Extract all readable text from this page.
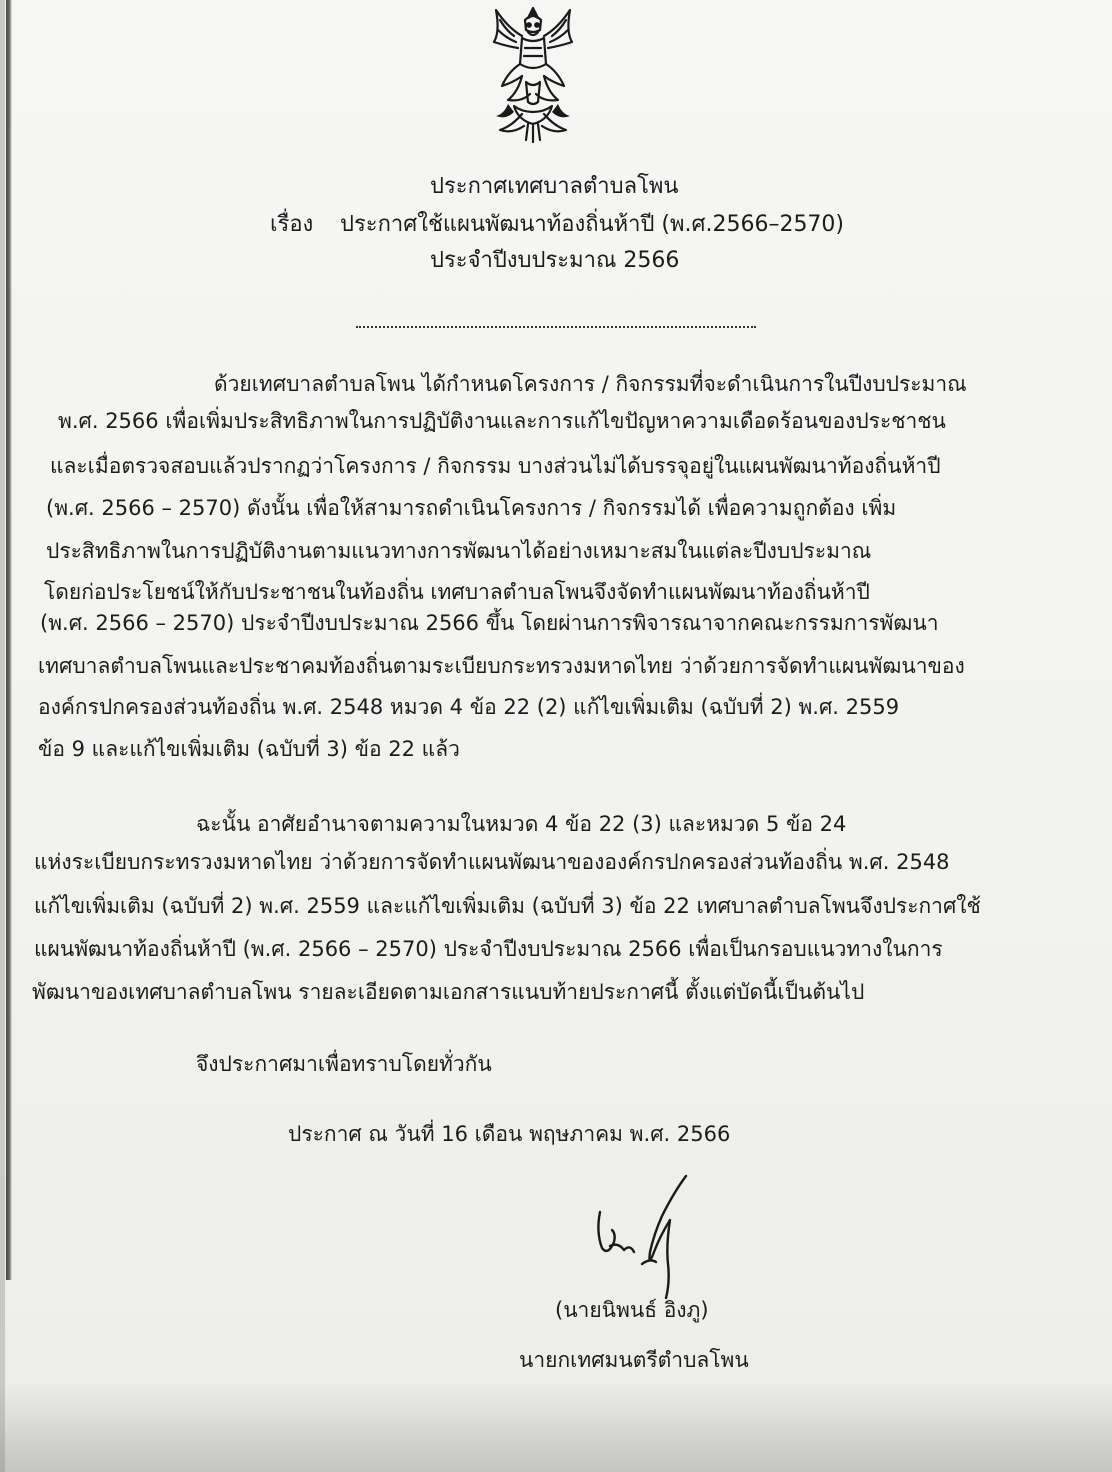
ประกาศเทศบาลตำบลโพน
เรื่อง ประกาศใช้แผนพัฒนาท้องถิ่นห้าปี (พ.ศ.2566–2570)
ประจำปีงบประมาณ 2566
ด้วยเทศบาลตำบลโพน ได้กำหนดโครงการ / กิจกรรมที่จะดำเนินการในปีงบประมาณ
พ.ศ. 2566 เพื่อเพิ่มประสิทธิภาพในการปฏิบัติงานและการแก้ไขปัญหาความเดือดร้อนของประชาชน
และเมื่อตรวจสอบแล้วปรากฏว่าโครงการ / กิจกรรม บางส่วนไม่ได้บรรจุอยู่ในแผนพัฒนาท้องถิ่นห้าปี
(พ.ศ. 2566 – 2570) ดังนั้น เพื่อให้สามารถดำเนินโครงการ / กิจกรรมได้ เพื่อความถูกต้อง เพิ่ม
ประสิทธิภาพในการปฏิบัติงานตามแนวทางการพัฒนาได้อย่างเหมาะสมในแต่ละปีงบประมาณ
โดยก่อประโยชน์ให้กับประชาชนในท้องถิ่น เทศบาลตำบลโพนจึงจัดทำแผนพัฒนาท้องถิ่นห้าปี
(พ.ศ. 2566 – 2570) ประจำปีงบประมาณ 2566 ขึ้น โดยผ่านการพิจารณาจากคณะกรรมการพัฒนา
เทศบาลตำบลโพนและประชาคมท้องถิ่นตามระเบียบกระทรวงมหาดไทย ว่าด้วยการจัดทำแผนพัฒนาของ
องค์กรปกครองส่วนท้องถิ่น พ.ศ. 2548 หมวด 4 ข้อ 22 (2) แก้ไขเพิ่มเติม (ฉบับที่ 2) พ.ศ. 2559
ข้อ 9 และแก้ไขเพิ่มเติม (ฉบับที่ 3) ข้อ 22 แล้ว
ฉะนั้น อาศัยอำนาจตามความในหมวด 4 ข้อ 22 (3) และหมวด 5 ข้อ 24
แห่งระเบียบกระทรวงมหาดไทย ว่าด้วยการจัดทำแผนพัฒนาขององค์กรปกครองส่วนท้องถิ่น พ.ศ. 2548
แก้ไขเพิ่มเติม (ฉบับที่ 2) พ.ศ. 2559 และแก้ไขเพิ่มเติม (ฉบับที่ 3) ข้อ 22 เทศบาลตำบลโพนจึงประกาศใช้
แผนพัฒนาท้องถิ่นห้าปี (พ.ศ. 2566 – 2570) ประจำปีงบประมาณ 2566 เพื่อเป็นกรอบแนวทางในการ
พัฒนาของเทศบาลตำบลโพน รายละเอียดตามเอกสารแนบท้ายประกาศนี้ ตั้งแต่บัดนี้เป็นต้นไป
จึงประกาศมาเพื่อทราบโดยทั่วกัน
ประกาศ ณ วันที่ 16 เดือน พฤษภาคม พ.ศ. 2566
(นายนิพนธ์ อิงภู)
นายกเทศมนตรีตำบลโพน
